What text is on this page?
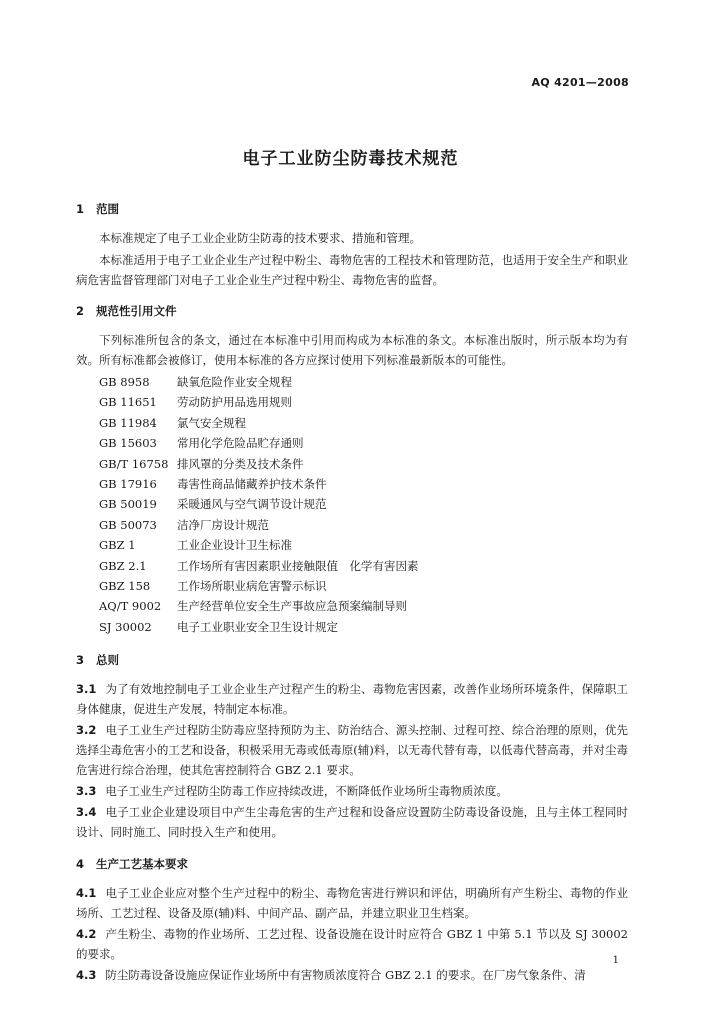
AQ 4201—2008
电子工业防尘防毒技术规范
1 范围

本标准规定了电子工业企业防尘防毒的技术要求、措施和管理。

本标准适用于电子工业企业生产过程中粉尘、毒物危害的工程技术和管理防范，也适用于安全生产和职业病危害监督管理部门对电子工业企业生产过程中粉尘、毒物危害的监督。

2 规范性引用文件

下列标准所包含的条文，通过在本标准中引用而构成为本标准的条文。本标准出版时，所示版本均为有效。所有标准都会被修订，使用本标准的各方应探讨使用下列标准最新版本的可能性。

GB 8958 缺氧危险作业安全规程
GB 11651 劳动防护用品选用规则
GB 11984 氯气安全规程
GB 15603 常用化学危险品贮存通则
GB/T 16758 排风罩的分类及技术条件
GB 17916 毒害性商品储藏养护技术条件
GB 50019 采暖通风与空气调节设计规范
GB 50073 洁净厂房设计规范
GBZ 1	工业企业设计卫生标准
GBZ 2.1	工作场所有害因素职业接触限值　化学有害因素
GBZ 158 工作场所职业病危害警示标识
AQ/T 9002 生产经营单位安全生产事故应急预案编制导则
SJ 30002 电子工业职业安全卫生设计规定
3 总则

3.1 为了有效地控制电子工业企业生产过程产生的粉尘、毒物危害因素，改善作业场所环境条件，保障职工身体健康，促进生产发展，特制定本标准。

3.2 电子工业生产过程防尘防毒应坚持预防为主、防治结合、源头控制、过程可控、综合治理的原则，优先选择尘毒危害小的工艺和设备，积极采用无毒或低毒原(辅)料，以无毒代替有毒，以低毒代替高毒，并对尘毒危害进行综合治理，使其危害控制符合 GBZ 2.1 要求。

3.3 电子工业生产过程防尘防毒工作应持续改进，不断降低作业场所尘毒物质浓度。

3.4 电子工业企业建设项目中产生尘毒危害的生产过程和设备应设置防尘防毒设备设施，且与主体工程同时设计、同时施工、同时投入生产和使用。

4 生产工艺基本要求

4.1 电子工业企业应对整个生产过程中的粉尘、毒物危害进行辨识和评估，明确所有产生粉尘、毒物的作业场所、工艺过程、设备及原(辅)料、中间产品、副产品，并建立职业卫生档案。

4.2 产生粉尘、毒物的作业场所、工艺过程、设备设施在设计时应符合 GBZ 1 中第 5.1 节以及 SJ 30002 的要求。

4.3 防尘防毒设备设施应保证作业场所中有害物质浓度符合 GBZ 2.1 的要求。在厂房气象条件、清

1
